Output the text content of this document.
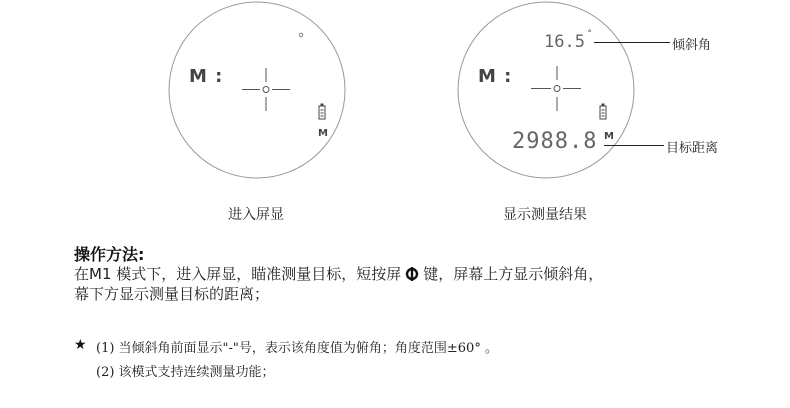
M :
M
进入屏显
M :
16.5 °
2988.8 M
倾斜角
目标距离
显示测量结果
操作方法:
在M1 模式下，进入屏显，瞄准测量目标，短按屏 键，屏幕上方显示倾斜角，
幕下方显示测量目标的距离；
★ (1) 当倾斜角前面显示"-"号，表示该角度值为俯角；角度范围±60° 。
(2) 该模式支持连续测量功能；
